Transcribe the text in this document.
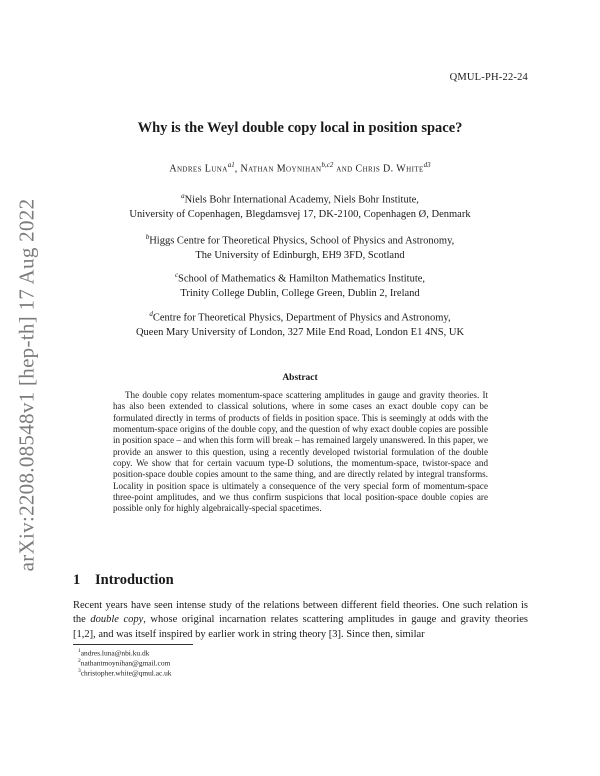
QMUL-PH-22-24
arXiv:2208.08548v1 [hep-th] 17 Aug 2022
Why is the Weyl double copy local in position space?
Andres Luna$^{a1}$, Nathan Moynihan$^{b,c2}$ and Chris D. White$^{d3}$
$^a$Niels Bohr International Academy, Niels Bohr Institute,
University of Copenhagen, Blegdamsvej 17, DK-2100, Copenhagen Ø, Denmark
$^b$Higgs Centre for Theoretical Physics, School of Physics and Astronomy,
The University of Edinburgh, EH9 3FD, Scotland
$^c$School of Mathematics & Hamilton Mathematics Institute,
Trinity College Dublin, College Green, Dublin 2, Ireland
$^d$Centre for Theoretical Physics, Department of Physics and Astronomy,
Queen Mary University of London, 327 Mile End Road, London E1 4NS, UK
Abstract
The double copy relates momentum-space scattering amplitudes in gauge and gravity theories. It has also been extended to classical solutions, where in some cases an exact double copy can be formulated directly in terms of products of fields in position space. This is seemingly at odds with the momentum-space origins of the double copy, and the question of why exact double copies are possible in position space – and when this form will break – has remained largely unanswered. In this paper, we provide an answer to this question, using a recently developed twistorial formulation of the double copy. We show that for certain vacuum type-D solutions, the momentum-space, twistor-space and position-space double copies amount to the same thing, and are directly related by integral transforms. Locality in position space is ultimately a consequence of the very special form of momentum-space three-point amplitudes, and we thus confirm suspicions that local position-space double copies are possible only for highly algebraically-special spacetimes.
1 Introduction
Recent years have seen intense study of the relations between different field theories. One such relation is the double copy, whose original incarnation relates scattering amplitudes in gauge and gravity theories [1,2], and was itself inspired by earlier work in string theory [3]. Since then, similar
$^1$andres.luna@nbi.ku.dk
$^2$nathantmoynihan@gmail.com
$^3$christopher.white@qmul.ac.uk
